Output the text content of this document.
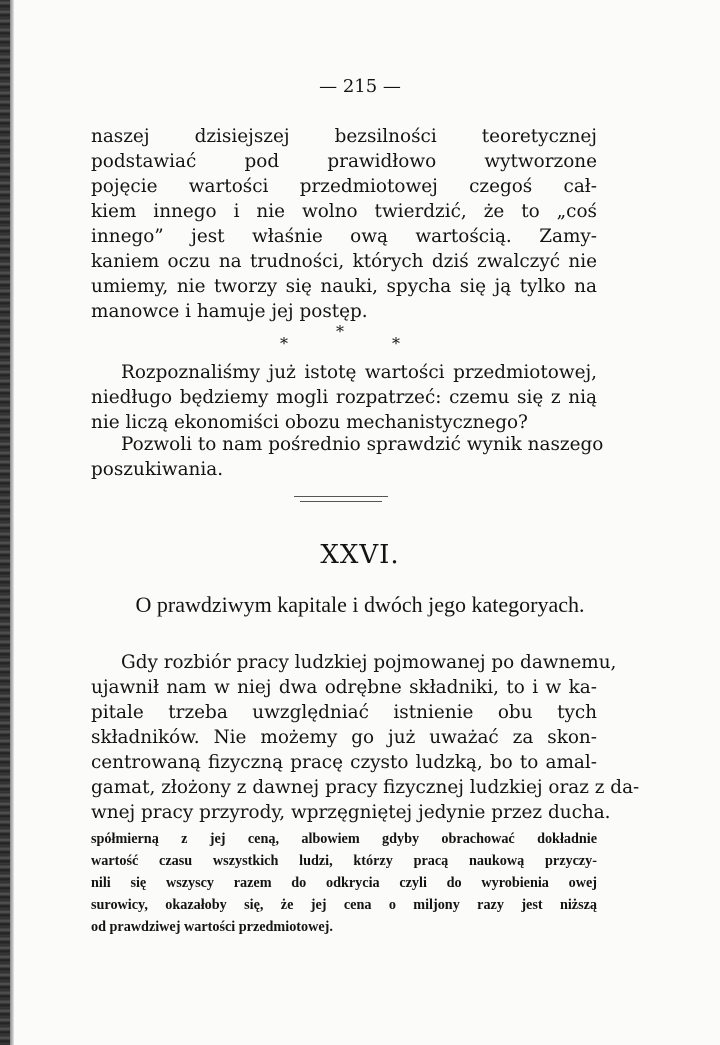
— 215 —
naszej dzisiejszej bezsilności teoretycznej
podstawiać pod prawidłowo wytworzone
pojęcie wartości przedmiotowej czegoś cał-
kiem innego i nie wolno twierdzić, że to „coś
innego” jest właśnie ową wartością. Zamy-
kaniem oczu na trudności, których dziś zwalczyć nie
umiemy, nie tworzy się nauki, spycha się ją tylko na
manowce i hamuje jej postęp.
*
*	*
Rozpoznaliśmy już istotę wartości przedmiotowej,
niedługo będziemy mogli rozpatrzeć: czemu się z nią
nie liczą ekonomiści obozu mechanistycznego?
Pozwoli to nam pośrednio sprawdzić wynik naszego
poszukiwania.
XXVI.
O prawdziwym kapitale i dwóch jego kategoryach.
Gdy rozbiór pracy ludzkiej pojmowanej po dawnemu,
ujawnił nam w niej dwa odrębne składniki, to i w ka-
pitale trzeba uwzględniać istnienie obu tych
składników. Nie możemy go już uważać za skon-
centrowaną fizyczną pracę czysto ludzką, bo to amal-
gamat, złożony z dawnej pracy fizycznej ludzkiej oraz z da-
wnej pracy przyrody, wprzęgniętej jedynie przez ducha.
spółmierną z jej ceną, albowiem gdyby obrachować dokładnie
wartość czasu wszystkich ludzi, którzy pracą naukową przyczy-
nili się wszyscy razem do odkrycia czyli do wyrobienia owej
surowicy, okazałoby się, że jej cena o miljony razy jest niższą
od prawdziwej wartości przedmiotowej.
